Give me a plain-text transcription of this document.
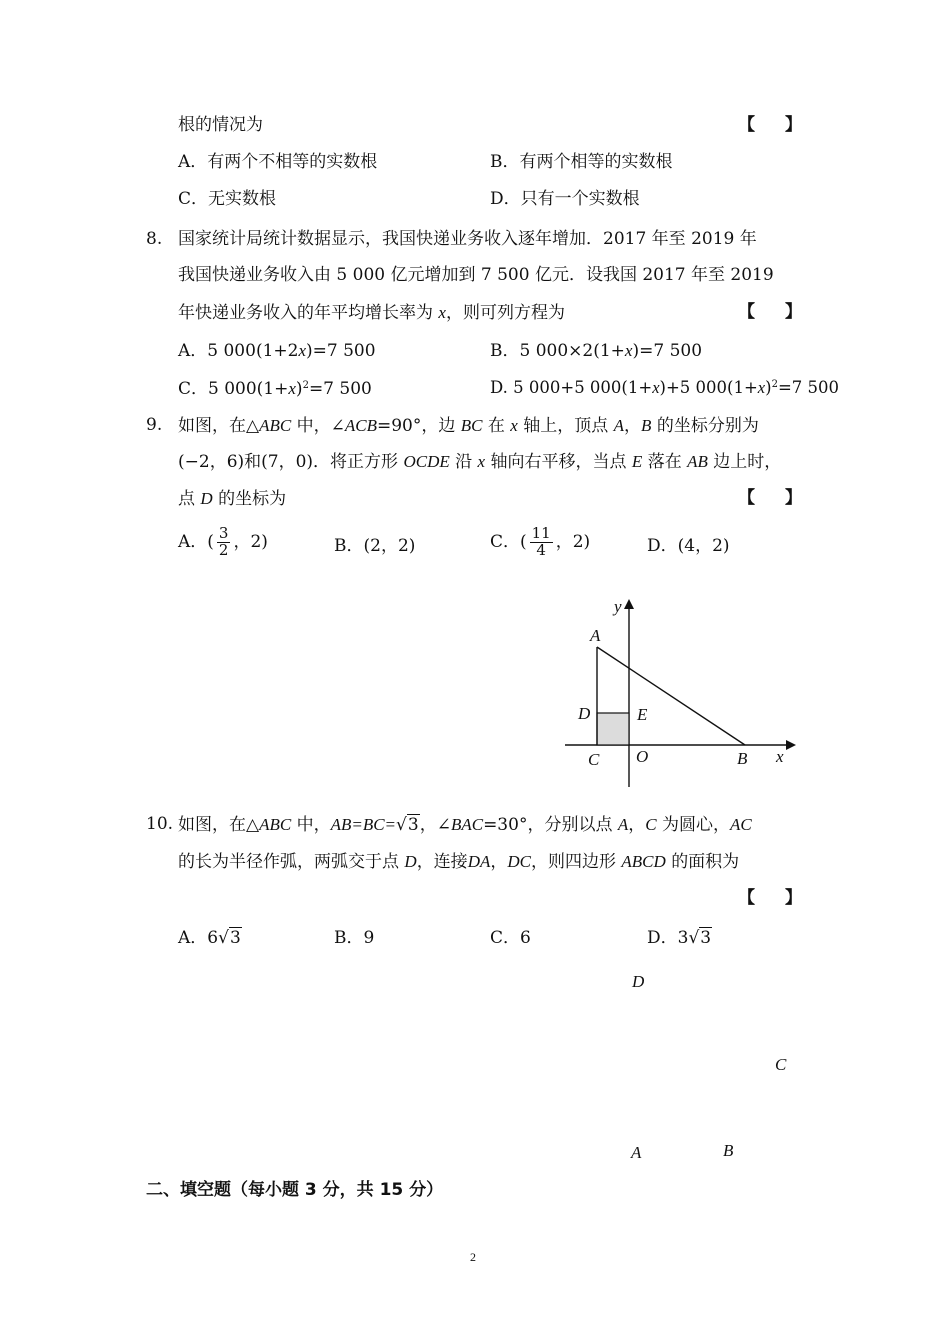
根的情况为	【 】
A．有两个不相等的实数根	B．有两个相等的实数根
C．无实数根	D．只有一个实数根
8. 国家统计局统计数据显示，我国快递业务收入逐年增加．2017 年至 2019 年
我国快递业务收入由 5 000 亿元增加到 7 500 亿元．设我国 2017 年至 2019
年快递业务收入的年平均增长率为 x，则可列方程为	【 】
A．5 000(1+2x)=7 500	B．5 000×2(1+x)=7 500
C．5 $000(1+x)^2=7$ 500	D. 5 000+5 000(1+x)+5 $000(1+x)^2=7$ 500
9. 如图，在△ABC 中，∠ACB=90°，边 BC 在 x 轴上，顶点 A，B 的坐标分别为
(−2，6)和(7，0)．将正方形 OCDE 沿 x 轴向右平移，当点 E 落在 AB 边上时，
点 D 的坐标为	【 】
A．( $\frac{3}{2}$ ，2)	B．(2，2)	C．( $\frac{11}{4}$ ，2)	D．(4，2)
y
A
D	E
C O	B x
10. 如图，在△ABC 中，AB=BC=√3，∠BAC=30°，分别以点 A，C 为圆心，AC
的长为半径作弧，两弧交于点 D，连接DA，DC，则四边形 ABCD 的面积为
【 】
A．6√3	B．9	C．6	D．3√3
D
C
A	B
二、填空题（每小题 3 分，共 15 分）
2
